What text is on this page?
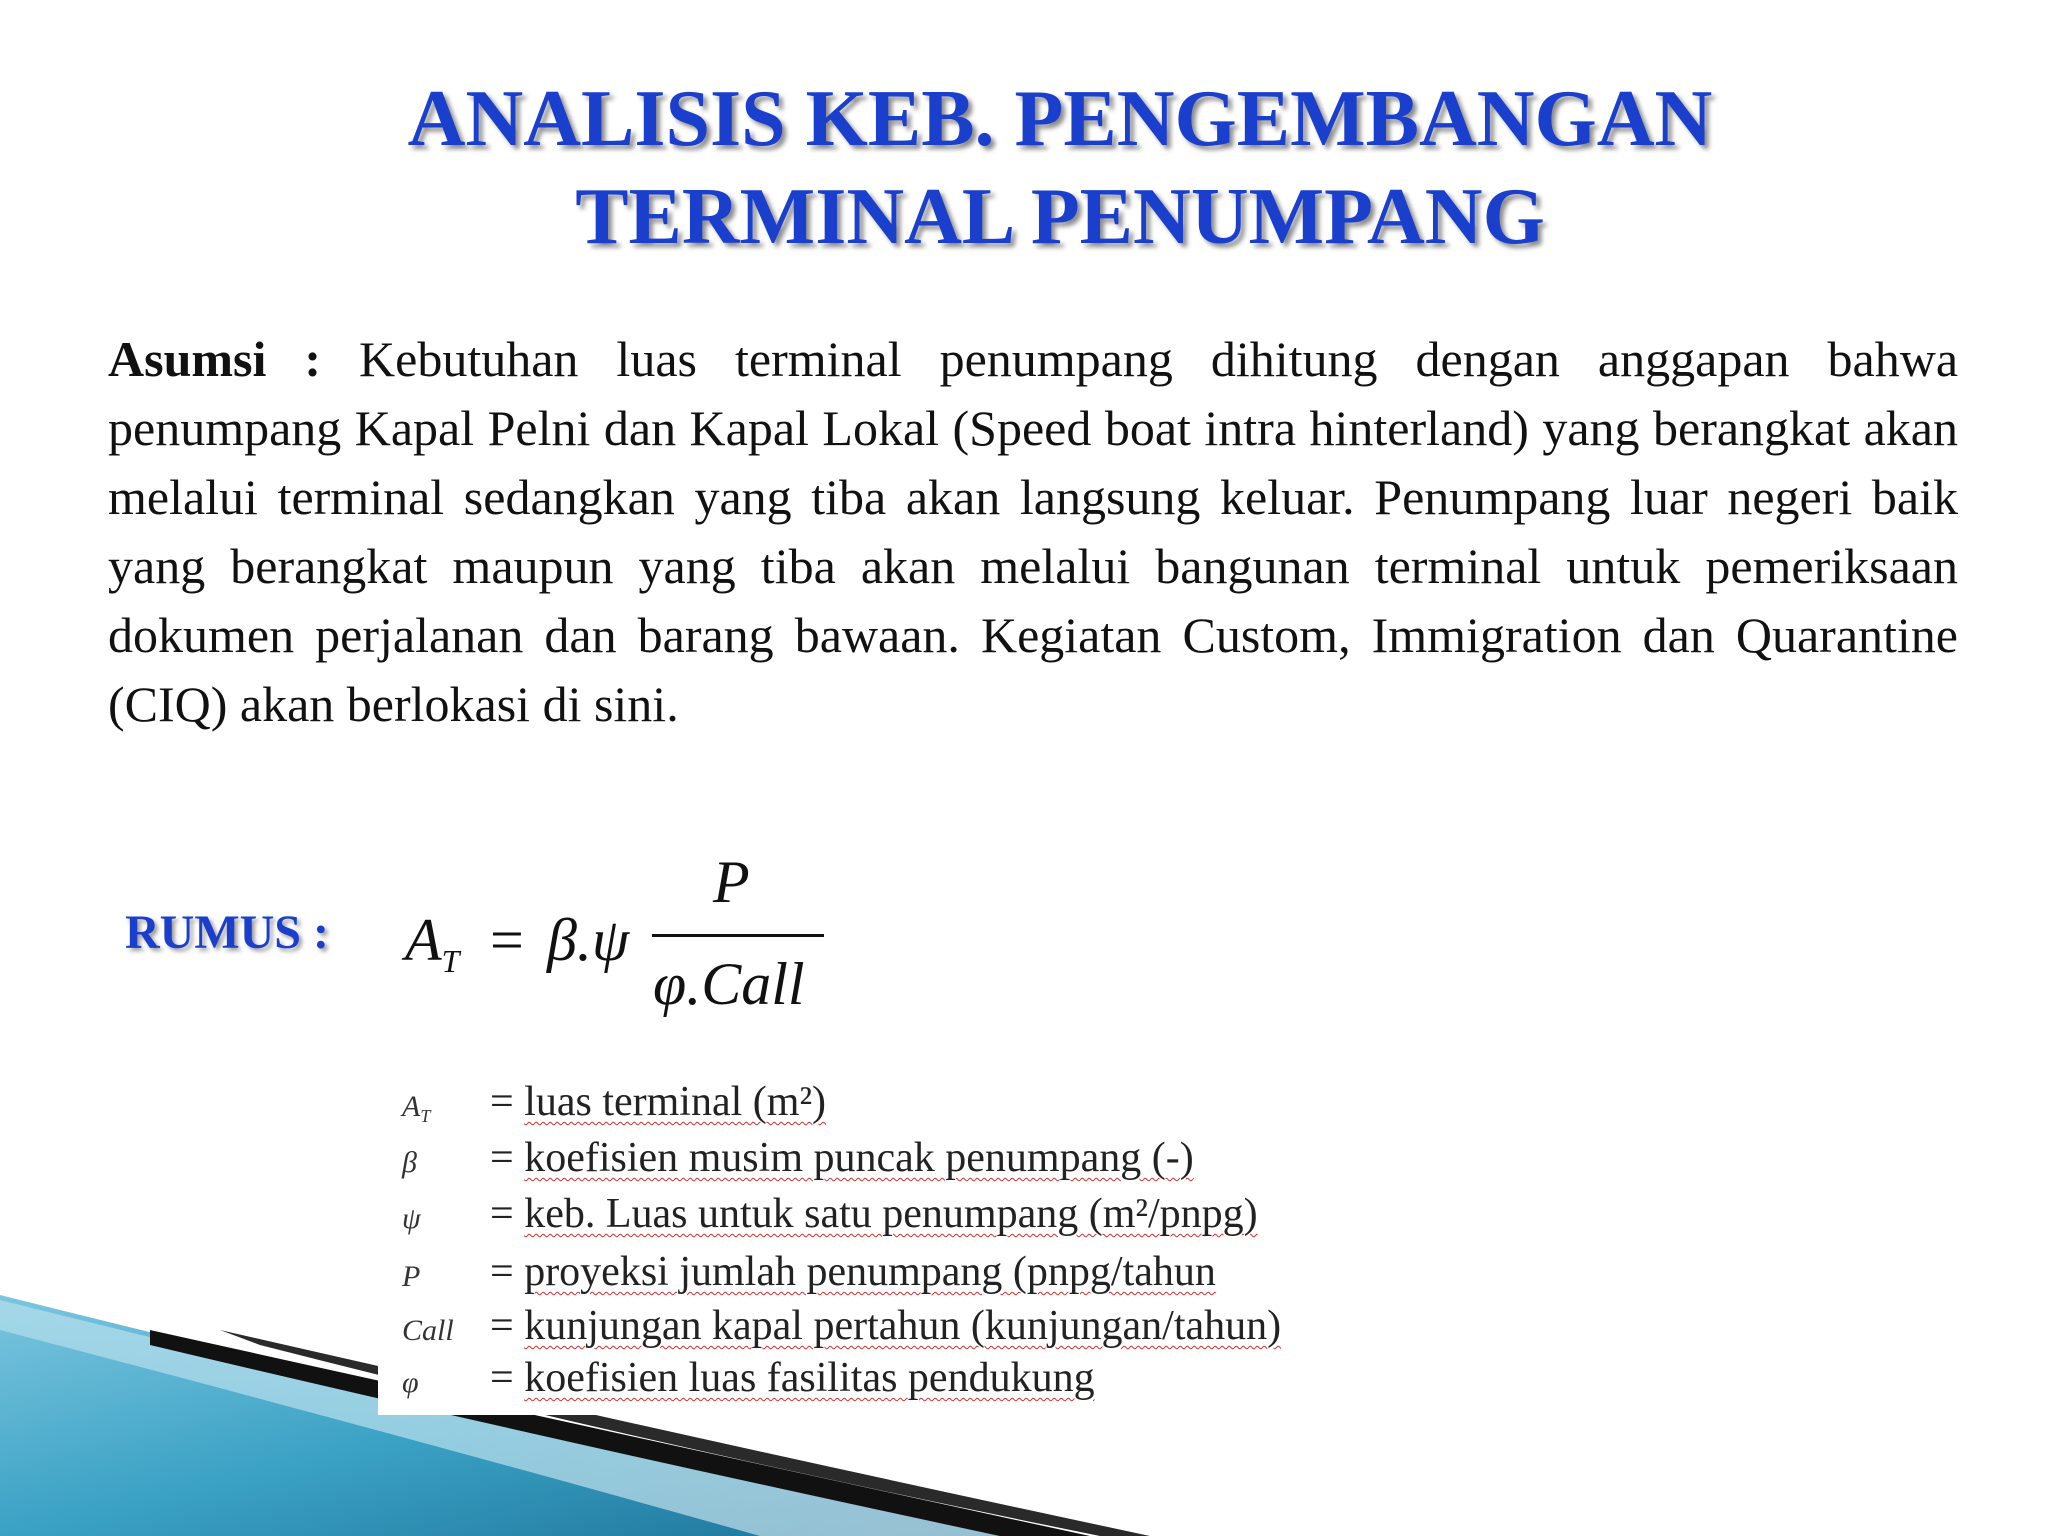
ANALISIS KEB. PENGEMBANGAN
TERMINAL PENUMPANG

Asumsi : Kebutuhan luas terminal penumpang dihitung dengan anggapan bahwa penumpang Kapal Pelni dan Kapal Lokal (Speed boat intra hinterland) yang berangkat akan melalui terminal sedangkan yang tiba akan langsung keluar. Penumpang luar negeri baik yang berangkat maupun yang tiba akan melalui bangunan terminal untuk pemeriksaan dokumen perjalanan dan barang bawaan. Kegiatan Custom, Immigration dan Quarantine (CIQ) akan berlokasi di sini.

RUMUS : $A_T = \beta.\psi$
P
φ.Call
$A_T$	= luas terminal (m²)
β	= koefisien musim puncak penumpang (-)
ψ	= keb. Luas untuk satu penumpang (m²/pnpg)
P	= proyeksi jumlah penumpang (pnpg/tahun
Call = kunjungan kapal pertahun (kunjungan/tahun)
φ	= koefisien luas fasilitas pendukung
